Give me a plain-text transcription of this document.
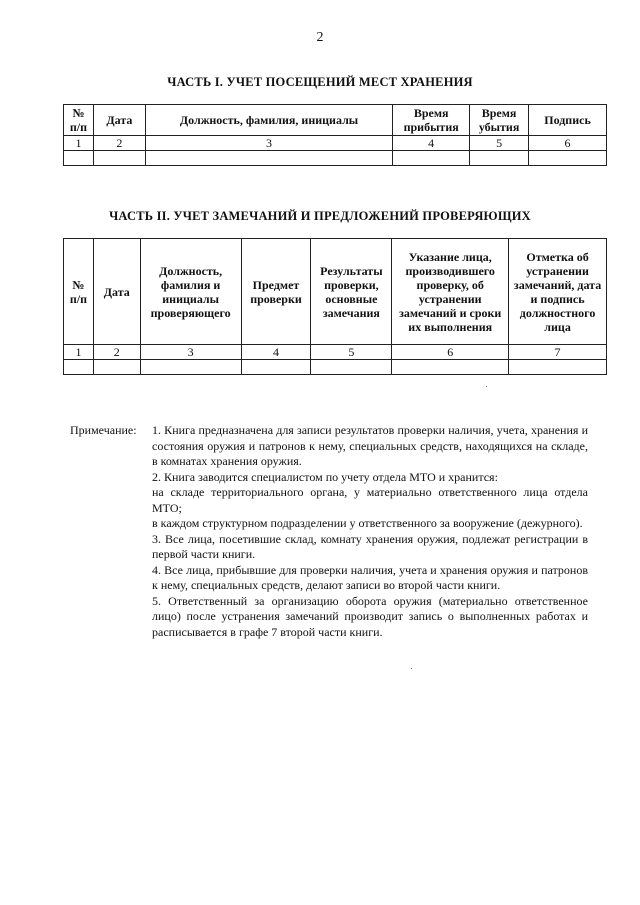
2
ЧАСТЬ I. УЧЕТ ПОСЕЩЕНИЙ МЕСТ ХРАНЕНИЯ
№ п/п	Дата	Должность, фамилия, инициалы	Время прибытия	Время убытия	Подпись
1	2	3	4	5	6

ЧАСТЬ II. УЧЕТ ЗАМЕЧАНИЙ И ПРЕДЛОЖЕНИЙ ПРОВЕРЯЮЩИХ
№ п/п	Дата	Должность, фамилия и инициалы проверяющего	Предмет проверки	Результаты проверки, основные замечания	Указание лица, производившего проверку, об устранении замечаний и сроки их выполнения	Отметка об устранении замечаний, дата и подпись должностного лица
1	2	3	4	5	6	7

Примечание: 1. Книга предназначена для записи результатов проверки наличия, учета, хранения и состояния оружия и патронов к нему, специальных средств, находящихся на складе, в комнатах хранения оружия.

2. Книга заводится специалистом по учету отдела МТО и хранится:

на складе территориального органа, у материально ответственного лица отдела МТО;

в каждом структурном подразделении у ответственного за вооружение (дежурного).

3. Все лица, посетившие склад, комнату хранения оружия, подлежат регистрации в первой части книги.

4. Все лица, прибывшие для проверки наличия, учета и хранения оружия и патронов к нему, специальных средств, делают записи во второй части книги.

5. Ответственный за организацию оборота оружия (материально ответственное лицо) после устранения замечаний производит запись о выполненных работах и расписывается в графе 7 второй части книги.
